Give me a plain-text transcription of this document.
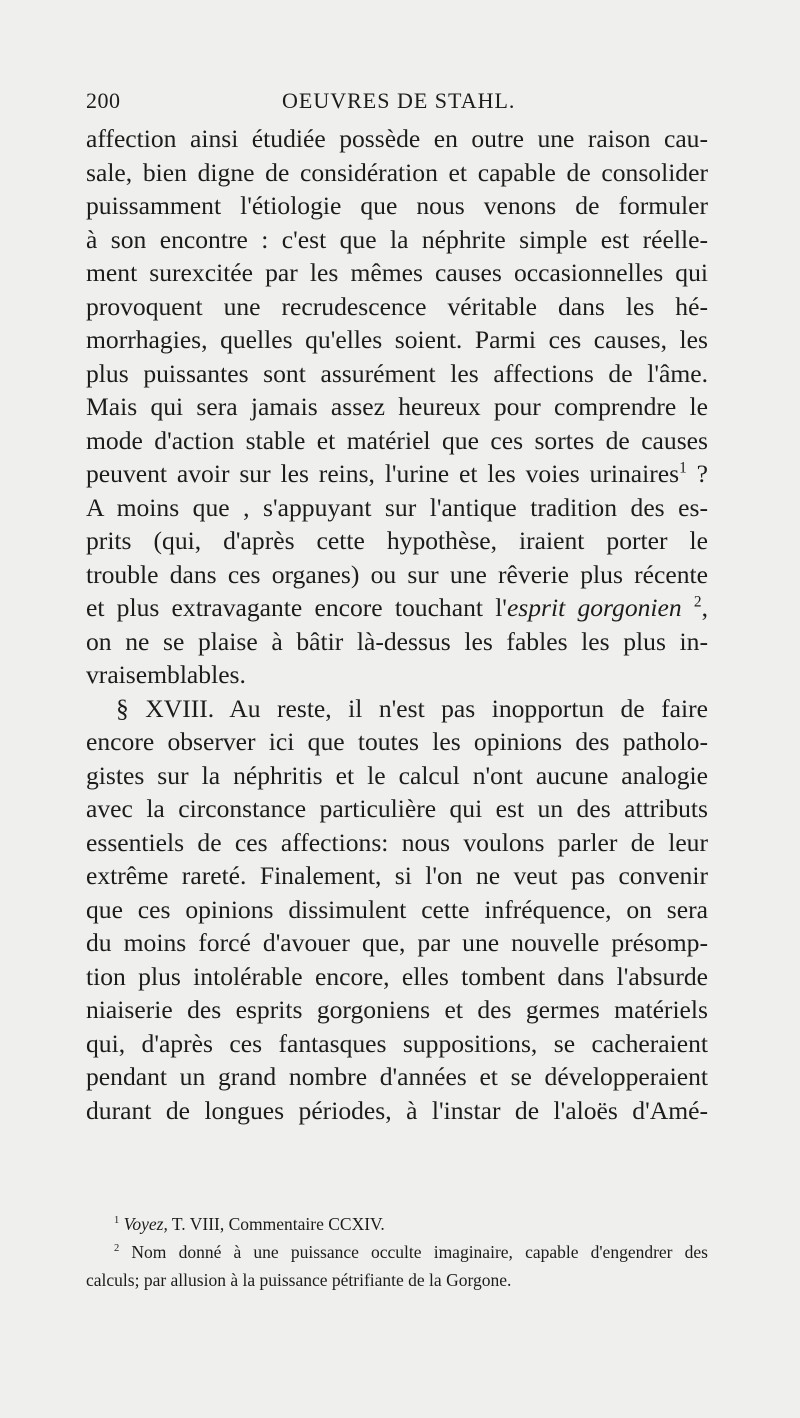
200	OEUVRES DE STAHL.
affection ainsi étudiée possède en outre une raison cau-
sale, bien digne de considération et capable de consolider
puissamment l'étiologie que nous venons de formuler
à son encontre : c'est que la néphrite simple est réelle-
ment surexcitée par les mêmes causes occasionnelles qui
provoquent une recrudescence véritable dans les hé-
morrhagies, quelles qu'elles soient. Parmi ces causes, les
plus puissantes sont assurément les affections de l'âme.
Mais qui sera jamais assez heureux pour comprendre le
mode d'action stable et matériel que ces sortes de causes
peuvent avoir sur les reins, l'urine et les voies urinaires$^1$ ?
A moins que , s'appuyant sur l'antique tradition des es-
prits (qui, d'après cette hypothèse, iraient porter le
trouble dans ces organes) ou sur une rêverie plus récente
et plus extravagante encore touchant l'esprit gorgonien $^2$,
on ne se plaise à bâtir là-dessus les fables les plus in-
vraisemblables.
§ XVIII. Au reste, il n'est pas inopportun de faire
encore observer ici que toutes les opinions des patholo-
gistes sur la néphritis et le calcul n'ont aucune analogie
avec la circonstance particulière qui est un des attributs
essentiels de ces affections: nous voulons parler de leur
extrême rareté. Finalement, si l'on ne veut pas convenir
que ces opinions dissimulent cette infréquence, on sera
du moins forcé d'avouer que, par une nouvelle présomp-
tion plus intolérable encore, elles tombent dans l'absurde
niaiserie des esprits gorgoniens et des germes matériels
qui, d'après ces fantasques suppositions, se cacheraient
pendant un grand nombre d'années et se développeraient
durant de longues périodes, à l'instar de l'aloës d'Amé-
$^1$ Voyez, T. VIII, Commentaire CCXIV.
$^2$ Nom donné à une puissance occulte imaginaire, capable d'engendrer des
calculs; par allusion à la puissance pétrifiante de la Gorgone.
